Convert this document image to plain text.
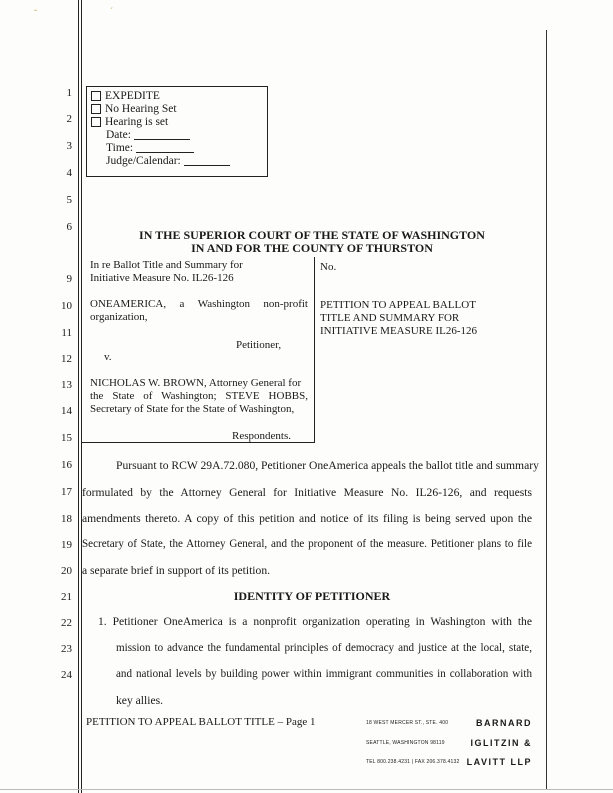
ˇ	ˊ
EXPEDITE
No Hearing Set
Hearing is set
Date:
Time:
Judge/Calendar:
1
2
3
4
5
6
9
10
11
12
13
14
15
16
17
18
19
20
21
22
23
24
IN THE SUPERIOR COURT OF THE STATE OF WASHINGTON
IN AND FOR THE COUNTY OF THURSTON
In re Ballot Title and Summary for
Initiative Measure No. IL26-126
ONEAMERICA, a Washington non-profit
organization,
Petitioner,
v.
NICHOLAS W. BROWN, Attorney General for
the State of Washington; STEVE HOBBS,
Secretary of State for the State of Washington,
Respondents.
No.
PETITION TO APPEAL BALLOT
TITLE AND SUMMARY FOR
INITIATIVE MEASURE IL26-126
Pursuant to RCW 29A.72.080, Petitioner OneAmerica appeals the ballot title and summary
formulated by the Attorney General for Initiative Measure No. IL26-126, and requests
amendments thereto. A copy of this petition and notice of its filing is being served upon the
Secretary of State, the Attorney General, and the proponent of the measure. Petitioner plans to file
a separate brief in support of its petition.
IDENTITY OF PETITIONER
1. Petitioner OneAmerica is a nonprofit organization operating in Washington with the
mission to advance the fundamental principles of democracy and justice at the local, state,
and national levels by building power within immigrant communities in collaboration with
key allies.
PETITION TO APPEAL BALLOT TITLE – Page 1	18 WEST MERCER ST., STE. 400	BARNARD
SEATTLE, WASHINGTON 98119	IGLITZIN &
TEL 800.238.4231 | FAX 206.378.4132 LAVITT LLP
